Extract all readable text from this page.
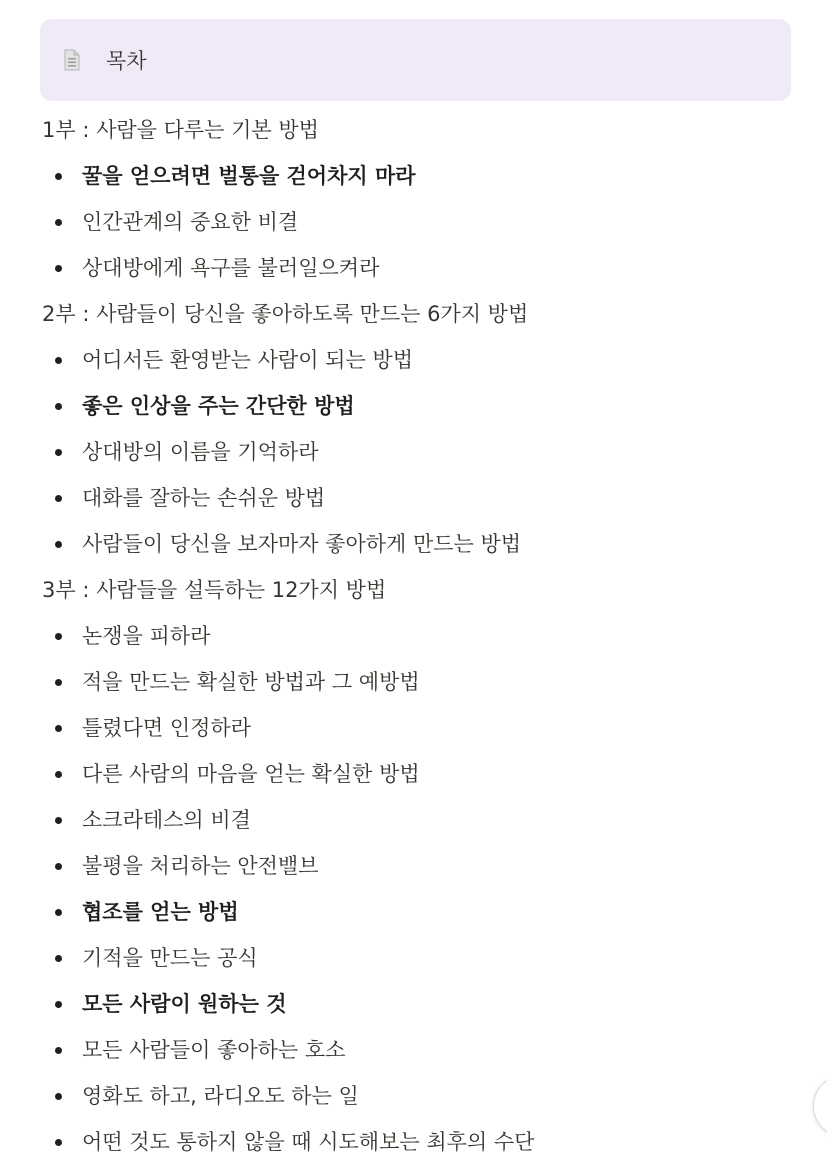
목차
1부 : 사람을 다루는 기본 방법
꿀을 얻으려면 벌통을 걷어차지 마라
인간관계의 중요한 비결
상대방에게 욕구를 불러일으켜라
2부 : 사람들이 당신을 좋아하도록 만드는 6가지 방법
어디서든 환영받는 사람이 되는 방법
좋은 인상을 주는 간단한 방법
상대방의 이름을 기억하라
대화를 잘하는 손쉬운 방법
사람들이 당신을 보자마자 좋아하게 만드는 방법
3부 : 사람들을 설득하는 12가지 방법
논쟁을 피하라
적을 만드는 확실한 방법과 그 예방법
틀렸다면 인정하라
다른 사람의 마음을 얻는 확실한 방법
소크라테스의 비결
불평을 처리하는 안전밸브
협조를 얻는 방법
기적을 만드는 공식
모든 사람이 원하는 것
모든 사람들이 좋아하는 호소
영화도 하고, 라디오도 하는 일
어떤 것도 통하지 않을 때 시도해보는 최후의 수단
